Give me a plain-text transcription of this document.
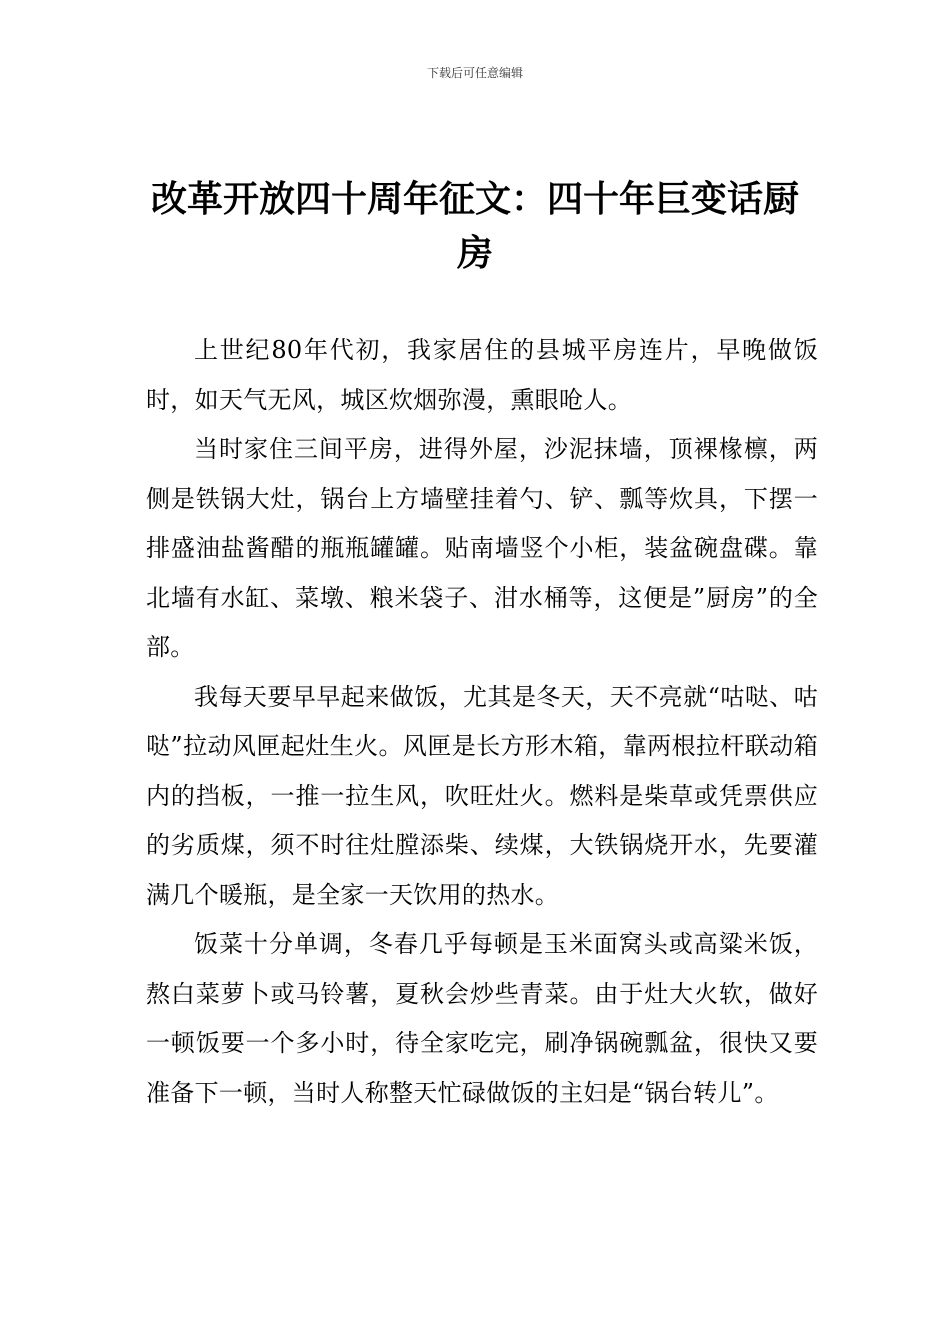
下载后可任意编辑
改革开放四十周年征文：四十年巨变话厨房

上世纪80年代初，我家居住的县城平房连片，早晚做饭时，如天气无风，城区炊烟弥漫，熏眼呛人。

当时家住三间平房，进得外屋，沙泥抹墙，顶裸椽檩，两侧是铁锅大灶，锅台上方墙壁挂着勺、铲、瓢等炊具，下摆一排盛油盐酱醋的瓶瓶罐罐。贴南墙竖个小柜，装盆碗盘碟。靠北墙有水缸、菜墩、粮米袋子、泔水桶等，这便是”厨房”的全部。

我每天要早早起来做饭，尤其是冬天，天不亮就“咕哒、咕哒”拉动风匣起灶生火。风匣是长方形木箱，靠两根拉杆联动箱内的挡板，一推一拉生风，吹旺灶火。燃料是柴草或凭票供应的劣质煤，须不时往灶膛添柴、续煤，大铁锅烧开水，先要灌满几个暖瓶，是全家一天饮用的热水。

饭菜十分单调，冬春几乎每顿是玉米面窝头或高粱米饭，熬白菜萝卜或马铃薯，夏秋会炒些青菜。由于灶大火软，做好一顿饭要一个多小时，待全家吃完，刷净锅碗瓢盆，很快又要准备下一顿，当时人称整天忙碌做饭的主妇是“锅台转儿”。
